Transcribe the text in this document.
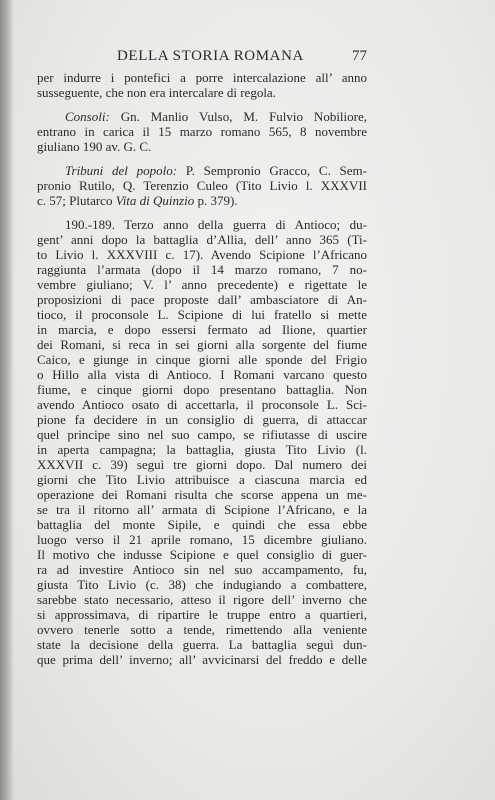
DELLA STORIA ROMANA	77
per indurre i pontefici a porre intercalazione all’ anno
susseguente, che non era intercalare di regola.
Consoli: Gn. Manlio Vulso, M. Fulvio Nobiliore,
entrano in carica il 15 marzo romano 565, 8 novembre
giuliano 190 av. G. C.
Tribuni del popolo: P. Sempronio Gracco, C. Sem-
pronio Rutilo, Q. Terenzio Culeo (Tito Livio l. XXXVII
c. 57; Plutarco Vita di Quinzio p. 379).
190.-189. Terzo anno della guerra di Antioco; du-
gent’ anni dopo la battaglia d’Allia, dell’ anno 365 (Ti-
to Livio l. XXXVIII c. 17). Avendo Scipione l’Africano
raggiunta l’armata (dopo il 14 marzo romano, 7 no-
vembre giuliano; V. l’ anno precedente) e rigettate le
proposizioni di pace proposte dall’ ambasciatore di An-
tioco, il proconsole L. Scipione di lui fratello si mette
in marcia, e dopo essersi fermato ad Ilione, quartier
dei Romani, si reca in sei giorni alla sorgente del fiume
Caico, e giunge in cinque giorni alle sponde del Frigio
o Hillo alla vista di Antioco. I Romani varcano questo
fiume, e cinque giorni dopo presentano battaglia. Non
avendo Antioco osato di accettarla, il proconsole L. Sci-
pione fa decidere in un consiglio di guerra, di attaccar
quel principe sino nel suo campo, se rifiutasse di uscire
in aperta campagna; la battaglia, giusta Tito Livio (l.
XXXVII c. 39) seguì tre giorni dopo. Dal numero dei
giorni che Tito Livio attribuisce a ciascuna marcia ed
operazione dei Romani risulta che scorse appena un me-
se tra il ritorno all’ armata di Scipione l’Africano, e la
battaglia del monte Sipile, e quindi che essa ebbe
luogo verso il 21 aprile romano, 15 dicembre giuliano.
Il motivo che indusse Scipione e quel consiglio di guer-
ra ad investire Antioco sin nel suo accampamento, fu,
giusta Tito Livio (c. 38) che indugiando a combattere,
sarebbe stato necessario, atteso il rigore dell’ inverno che
si approssimava, di ripartire le truppe entro a quartieri,
ovvero tenerle sotto a tende, rimettendo alla veniente
state la decisione della guerra. La battaglia seguì dun-
que prima dell’ inverno; all’ avvicinarsi del freddo e delle
